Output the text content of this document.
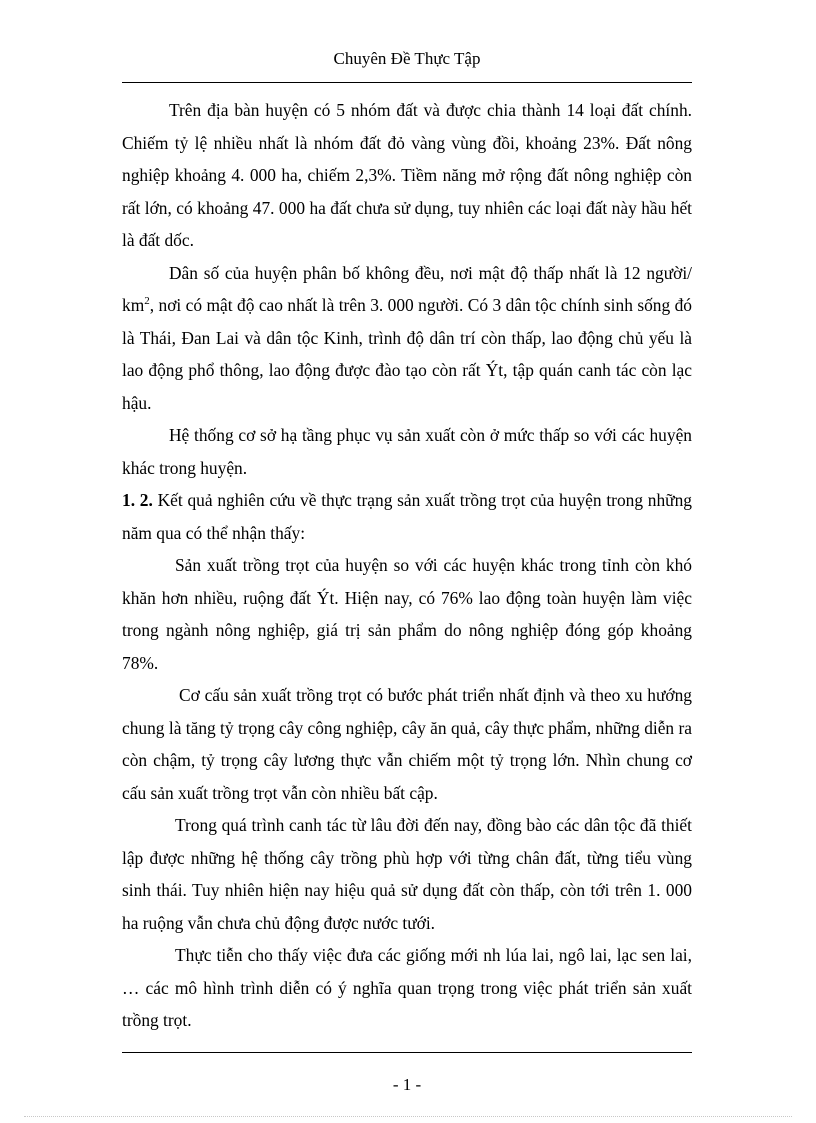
Chuyên Đề Thực Tập

Trên địa bàn huyện có 5 nhóm đất và được chia thành 14 loại đất chính. Chiếm tỷ lệ nhiều nhất là nhóm đất đỏ vàng vùng đồi, khoảng 23%. Đất nông nghiệp khoảng 4. 000 ha, chiếm 2,3%. Tiềm năng mở rộng đất nông nghiệp còn rất lớn, có khoảng 47. 000 ha đất chưa sử dụng, tuy nhiên các loại đất này hầu hết là đất dốc.

Dân số của huyện phân bố không đều, nơi mật độ thấp nhất là 12 người/ $km^2$, nơi có mật độ cao nhất là trên 3. 000 người. Có 3 dân tộc chính sinh sống đó là Thái, Đan Lai và dân tộc Kinh, trình độ dân trí còn thấp, lao động chủ yếu là lao động phổ thông, lao động được đào tạo còn rất Ýt, tập quán canh tác còn lạc hậu.

Hệ thống cơ sở hạ tầng phục vụ sản xuất còn ở mức thấp so với các huyện khác trong huyện.

1. 2. Kết quả nghiên cứu về thực trạng sản xuất trồng trọt của huyện trong những năm qua có thể nhận thấy:

Sản xuất trồng trọt của huyện so với các huyện khác trong tỉnh còn khó khăn hơn nhiều, ruộng đất Ýt. Hiện nay, có 76% lao động toàn huyện làm việc trong ngành nông nghiệp, giá trị sản phẩm do nông nghiệp đóng góp khoảng 78%.

Cơ cấu sản xuất trồng trọt có bước phát triển nhất định và theo xu hướng chung là tăng tỷ trọng cây công nghiệp, cây ăn quả, cây thực phẩm, những diễn ra còn chậm, tỷ trọng cây lương thực vẫn chiếm một tỷ trọng lớn. Nhìn chung cơ cấu sản xuất trồng trọt vẫn còn nhiều bất cập.

Trong quá trình canh tác từ lâu đời đến nay, đồng bào các dân tộc đã thiết lập được những hệ thống cây trồng phù hợp với từng chân đất, từng tiểu vùng sinh thái. Tuy nhiên hiện nay hiệu quả sử dụng đất còn thấp, còn tới trên 1. 000 ha ruộng vẫn chưa chủ động được nước tưới.

Thực tiễn cho thấy việc đưa các giống mới nh lúa lai, ngô lai, lạc sen lai, … các mô hình trình diễn có ý nghĩa quan trọng trong việc phát triển sản xuất trồng trọt.

- 1 -
